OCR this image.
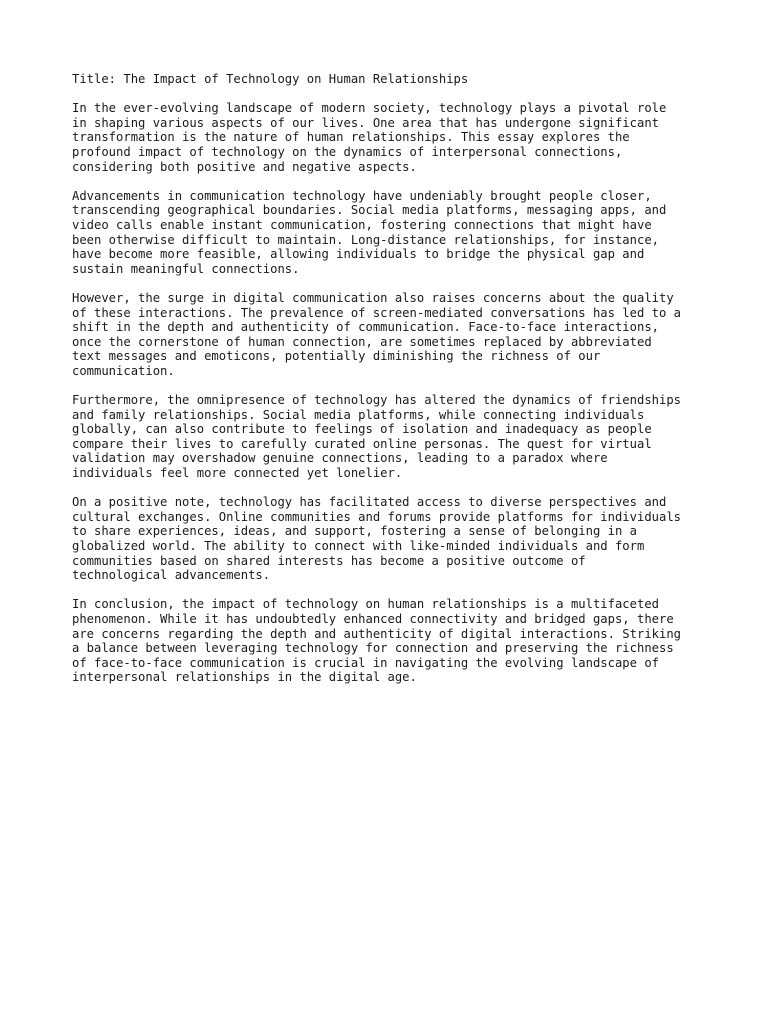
Title: The Impact of Technology on Human Relationships
In the ever-evolving landscape of modern society, technology plays a pivotal role
in shaping various aspects of our lives. One area that has undergone significant
transformation is the nature of human relationships. This essay explores the
profound impact of technology on the dynamics of interpersonal connections,
considering both positive and negative aspects.
Advancements in communication technology have undeniably brought people closer,
transcending geographical boundaries. Social media platforms, messaging apps, and
video calls enable instant communication, fostering connections that might have
been otherwise difficult to maintain. Long-distance relationships, for instance,
have become more feasible, allowing individuals to bridge the physical gap and
sustain meaningful connections.
However, the surge in digital communication also raises concerns about the quality
of these interactions. The prevalence of screen-mediated conversations has led to a
shift in the depth and authenticity of communication. Face-to-face interactions,
once the cornerstone of human connection, are sometimes replaced by abbreviated
text messages and emoticons, potentially diminishing the richness of our
communication.
Furthermore, the omnipresence of technology has altered the dynamics of friendships
and family relationships. Social media platforms, while connecting individuals
globally, can also contribute to feelings of isolation and inadequacy as people
compare their lives to carefully curated online personas. The quest for virtual
validation may overshadow genuine connections, leading to a paradox where
individuals feel more connected yet lonelier.
On a positive note, technology has facilitated access to diverse perspectives and
cultural exchanges. Online communities and forums provide platforms for individuals
to share experiences, ideas, and support, fostering a sense of belonging in a
globalized world. The ability to connect with like-minded individuals and form
communities based on shared interests has become a positive outcome of
technological advancements.
In conclusion, the impact of technology on human relationships is a multifaceted
phenomenon. While it has undoubtedly enhanced connectivity and bridged gaps, there
are concerns regarding the depth and authenticity of digital interactions. Striking
a balance between leveraging technology for connection and preserving the richness
of face-to-face communication is crucial in navigating the evolving landscape of
interpersonal relationships in the digital age.
